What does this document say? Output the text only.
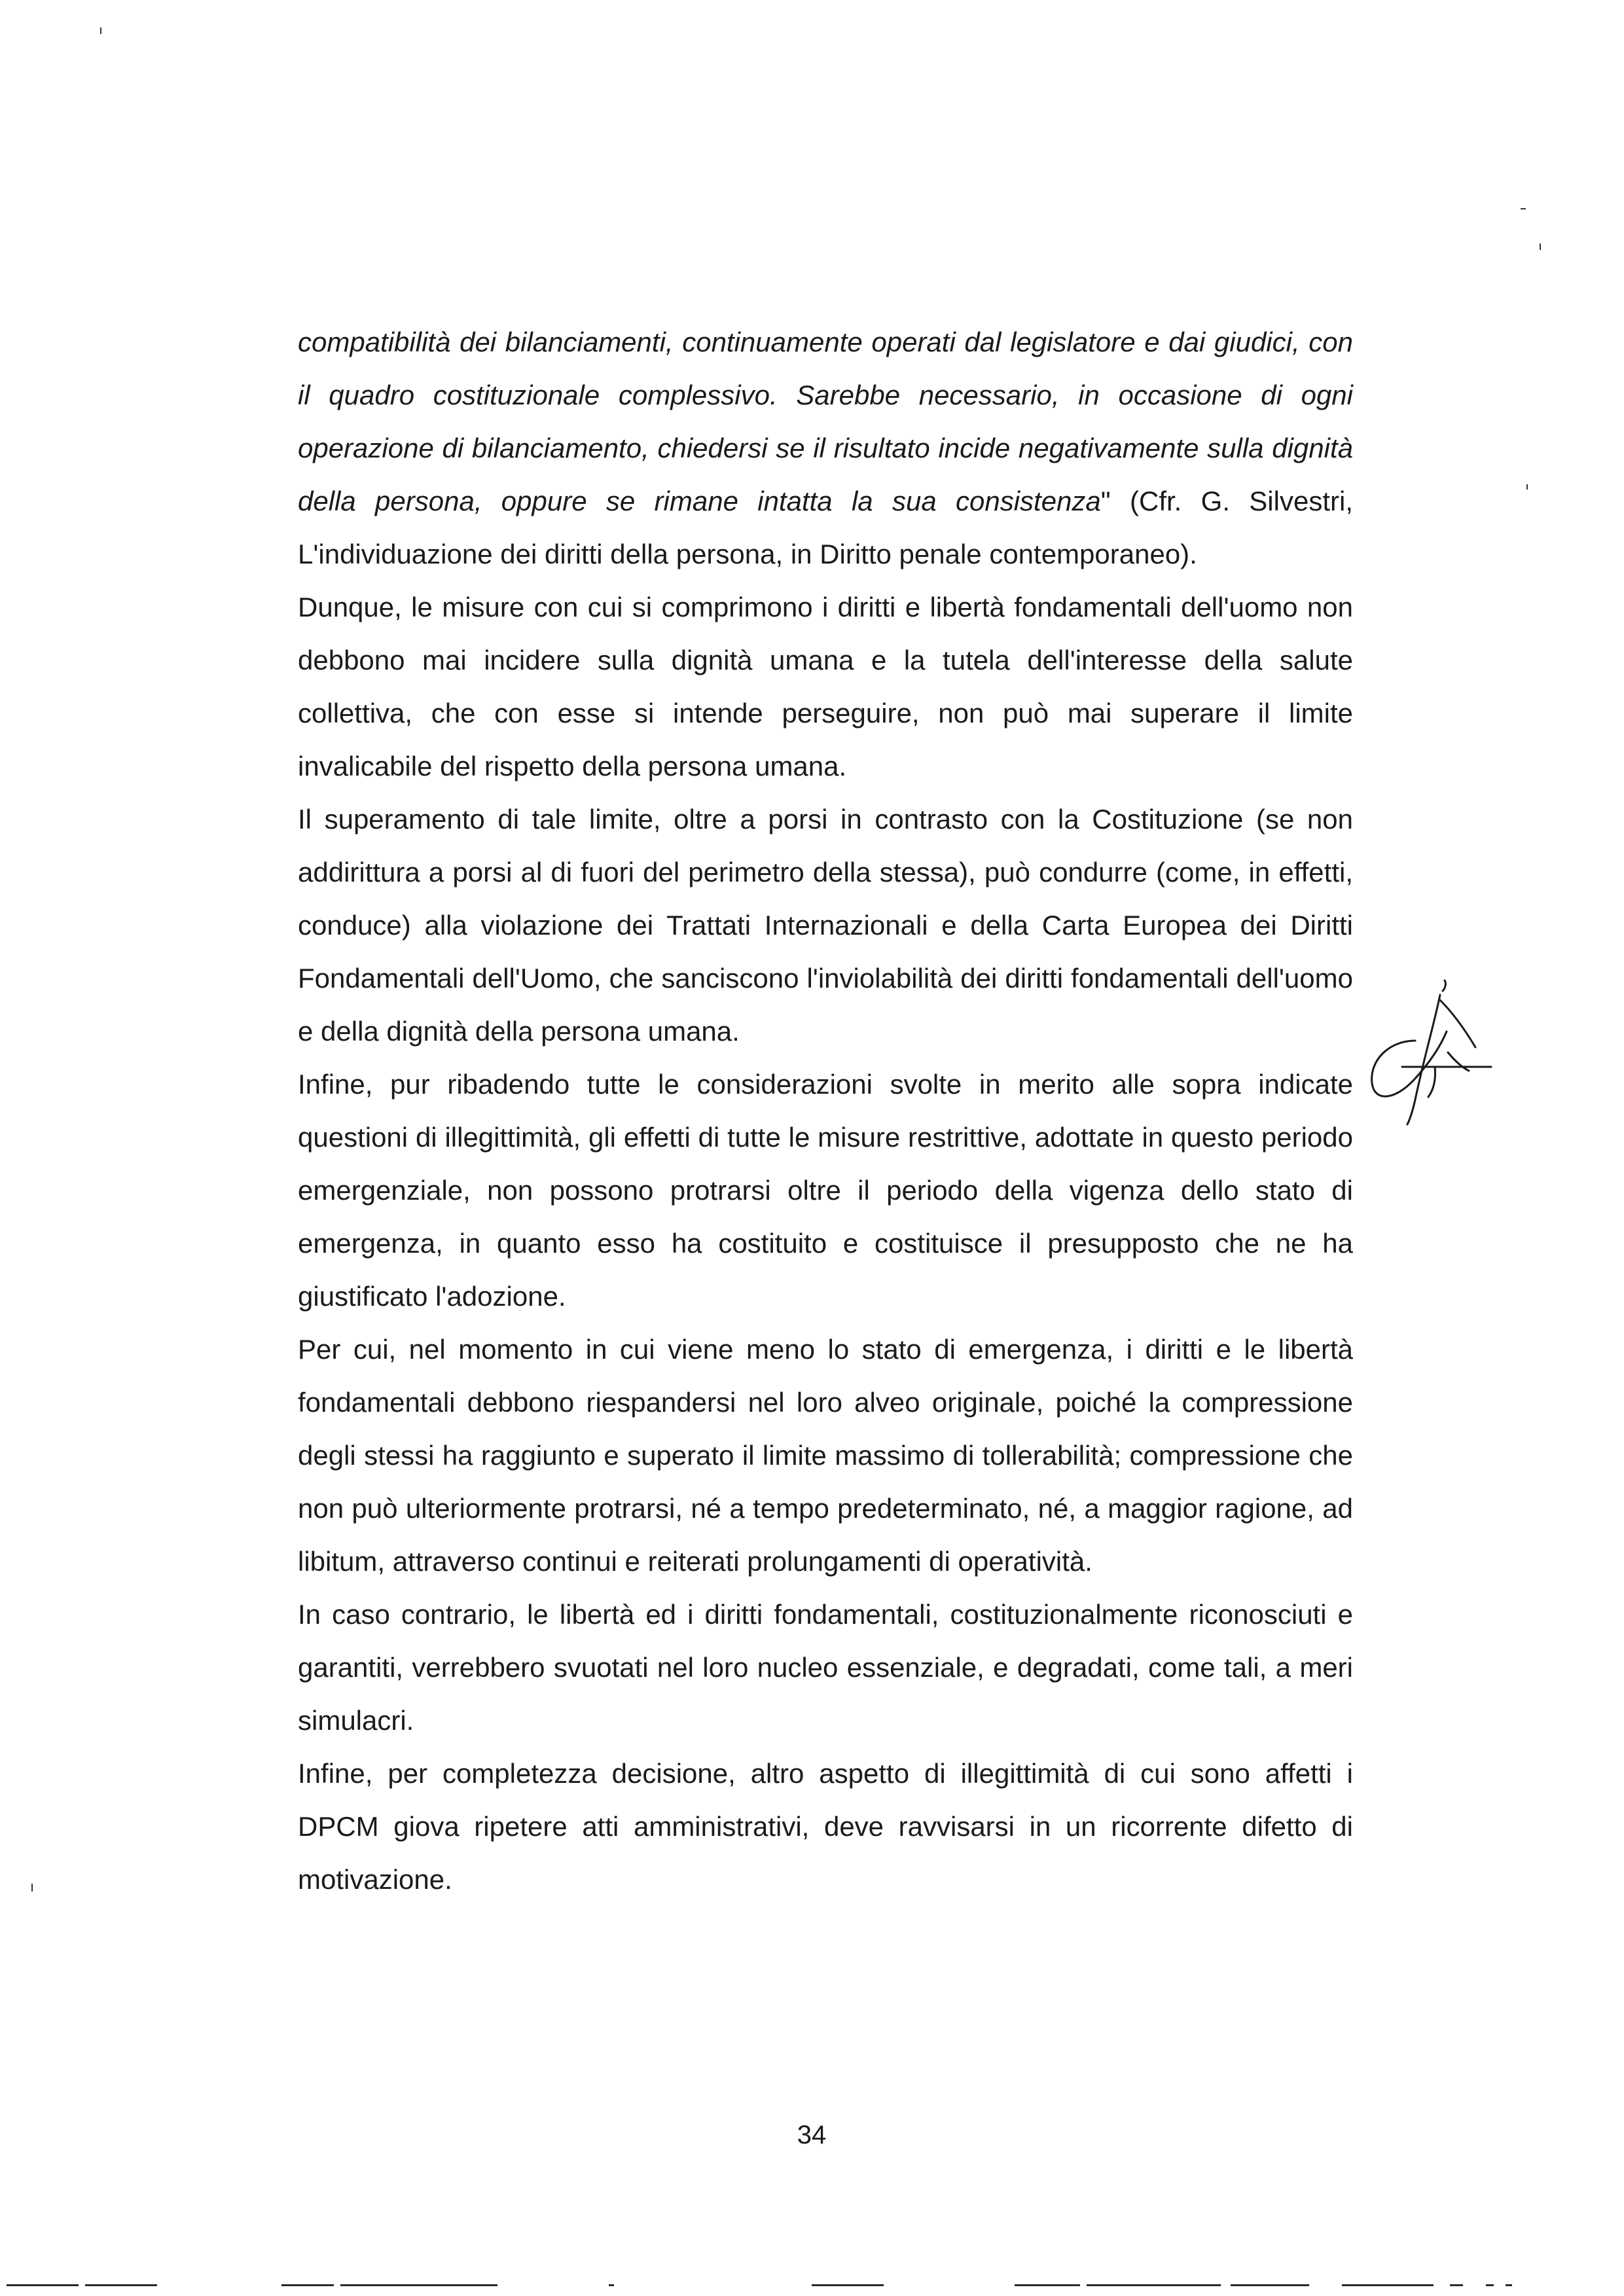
compatibilità dei bilanciamenti, continuamente operati dal legislatore e dai giudici, con il quadro costituzionale complessivo. Sarebbe necessario, in occasione di ogni operazione di bilanciamento, chiedersi se il risultato incide negativamente sulla dignità della persona, oppure se rimane intatta la sua consistenza" (Cfr. G. Silvestri, L'individuazione dei diritti della persona, in Diritto penale contemporaneo).

Dunque, le misure con cui si comprimono i diritti e libertà fondamentali dell'uomo non debbono mai incidere sulla dignità umana e la tutela dell'interesse della salute collettiva, che con esse si intende perseguire, non può mai superare il limite invalicabile del rispetto della persona umana.

Il superamento di tale limite, oltre a porsi in contrasto con la Costituzione (se non addirittura a porsi al di fuori del perimetro della stessa), può condurre (come, in effetti, conduce) alla violazione dei Trattati Internazionali e della Carta Europea dei Diritti Fondamentali dell'Uomo, che sanciscono l'inviolabilità dei diritti fondamentali dell'uomo e della dignità della persona umana.

Infine, pur ribadendo tutte le considerazioni svolte in merito alle sopra indicate questioni di illegittimità, gli effetti di tutte le misure restrittive, adottate in questo periodo emergenziale, non possono protrarsi oltre il periodo della vigenza dello stato di emergenza, in quanto esso ha costituito e costituisce il presupposto che ne ha giustificato l'adozione.

Per cui, nel momento in cui viene meno lo stato di emergenza, i diritti e le libertà fondamentali debbono riespandersi nel loro alveo originale, poiché la compressione degli stessi ha raggiunto e superato il limite massimo di tollerabilità; compressione che non può ulteriormente protrarsi, né a tempo predeterminato, né, a maggior ragione, ad libitum, attraverso continui e reiterati prolungamenti di operatività.

In caso contrario, le libertà ed i diritti fondamentali, costituzionalmente riconosciuti e garantiti, verrebbero svuotati nel loro nucleo essenziale, e degradati, come tali, a meri simulacri.

Infine, per completezza decisione, altro aspetto di illegittimità di cui sono affetti i DPCM giova ripetere atti amministrativi, deve ravvisarsi in un ricorrente difetto di motivazione.

34
